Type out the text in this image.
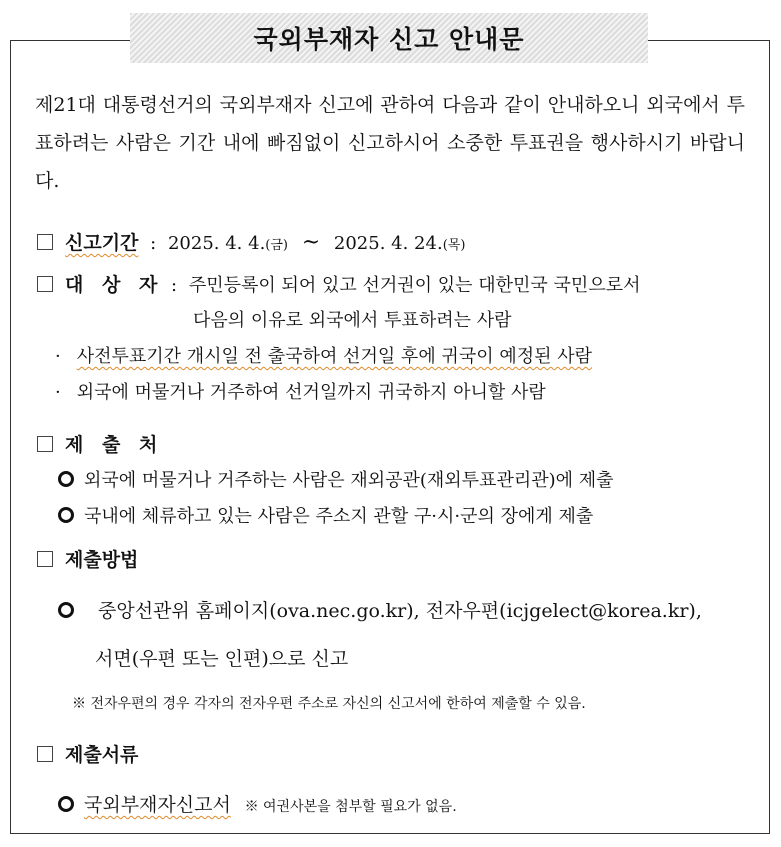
국외부재자 신고 안내문
제21대 대통령선거의 국외부재자 신고에 관하여 다음과 같이 안내하오니 외국에서 투표하려는 사람은 기간 내에 빠짐없이 신고하시어 소중한 투표권을 행사하시기 바랍니다.
신고기간 : 2025. 4. 4.(금) ~ 2025. 4. 24.(목)
대 상 자 : 주민등록이 되어 있고 선거권이 있는 대한민국 국민으로서
다음의 이유로 외국에서 투표하려는 사람
· 사전투표기간 개시일 전 출국하여 선거일 후에 귀국이 예정된 사람
· 외국에 머물거나 거주하여 선거일까지 귀국하지 아니할 사람
제 출 처
외국에 머물거나 거주하는 사람은 재외공관(재외투표관리관)에 제출
국내에 체류하고 있는 사람은 주소지 관할 구·시·군의 장에게 제출
제출방법
중앙선관위 홈페이지(ova.nec.go.kr), 전자우편(icjgelect@korea.kr),
서면(우편 또는 인편)으로 신고
※ 전자우편의 경우 각자의 전자우편 주소로 자신의 신고서에 한하여 제출할 수 있음.
제출서류
국외부재자신고서 ※ 여권사본을 첨부할 필요가 없음.
